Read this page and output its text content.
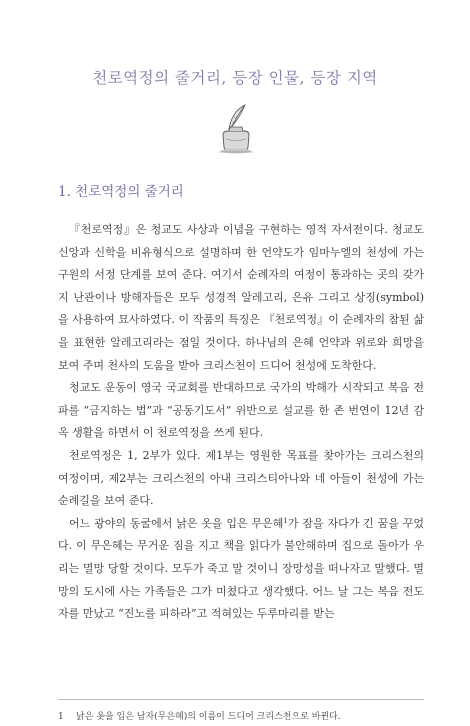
천로역정의 줄거리, 등장 인물, 등장 지역
1. 천로역정의 줄거리

『천로역정』은 청교도 사상과 이념을 구현하는 영적 자서전이다. 청교도 신앙과 신학을 비유형식으로 설명하며 한 언약도가 임마누엘의 천성에 가는 구원의 서정 단계를 보여 준다. 여기서 순례자의 여정이 통과하는 곳의 갖가지 난관이나 방해자들은 모두 성경적 알레고리, 은유 그리고 상징(symbol)을 사용하여 묘사하였다. 이 작품의 특징은 『천로역정』이 순례자의 참된 삶을 표현한 알레고리라는 점일 것이다. 하나님의 은혜 언약과 위로와 희망을 보여 주며 천사의 도움을 받아 크리스천이 드디어 천성에 도착한다.

청교도 운동이 영국 국교회를 반대하므로 국가의 박해가 시작되고 복음 전파를 “금지하는 법”과 “공동기도서” 위반으로 설교를 한 존 번연이 12년 감옥 생활을 하면서 이 천로역정을 쓰게 된다.

천로역정은 1, 2부가 있다. 제1부는 영원한 목표를 찾아가는 크리스천의 여정이며, 제2부는 크리스천의 아내 크리스티아나와 네 아들이 천성에 가는 순례길을 보여 준다.

어느 광야의 동굴에서 낡은 옷을 입은 무은혜$^1$가 잠을 자다가 긴 꿈을 꾸었다. 이 무은혜는 무거운 짐을 지고 책을 읽다가 불안해하며 집으로 돌아가 우리는 멸망 당할 것이다. 모두가 죽고 말 것이니 장망성을 떠나자고 말했다. 멸망의 도시에 사는 가족들은 그가 미쳤다고 생각했다. 어느 날 그는 복음 전도자를 만났고 “진노를 피하라”고 적혀있는 두루마리를 받는

1 낡은 옷을 입은 남자(무은혜)의 이름이 드디어 크리스천으로 바뀐다.
